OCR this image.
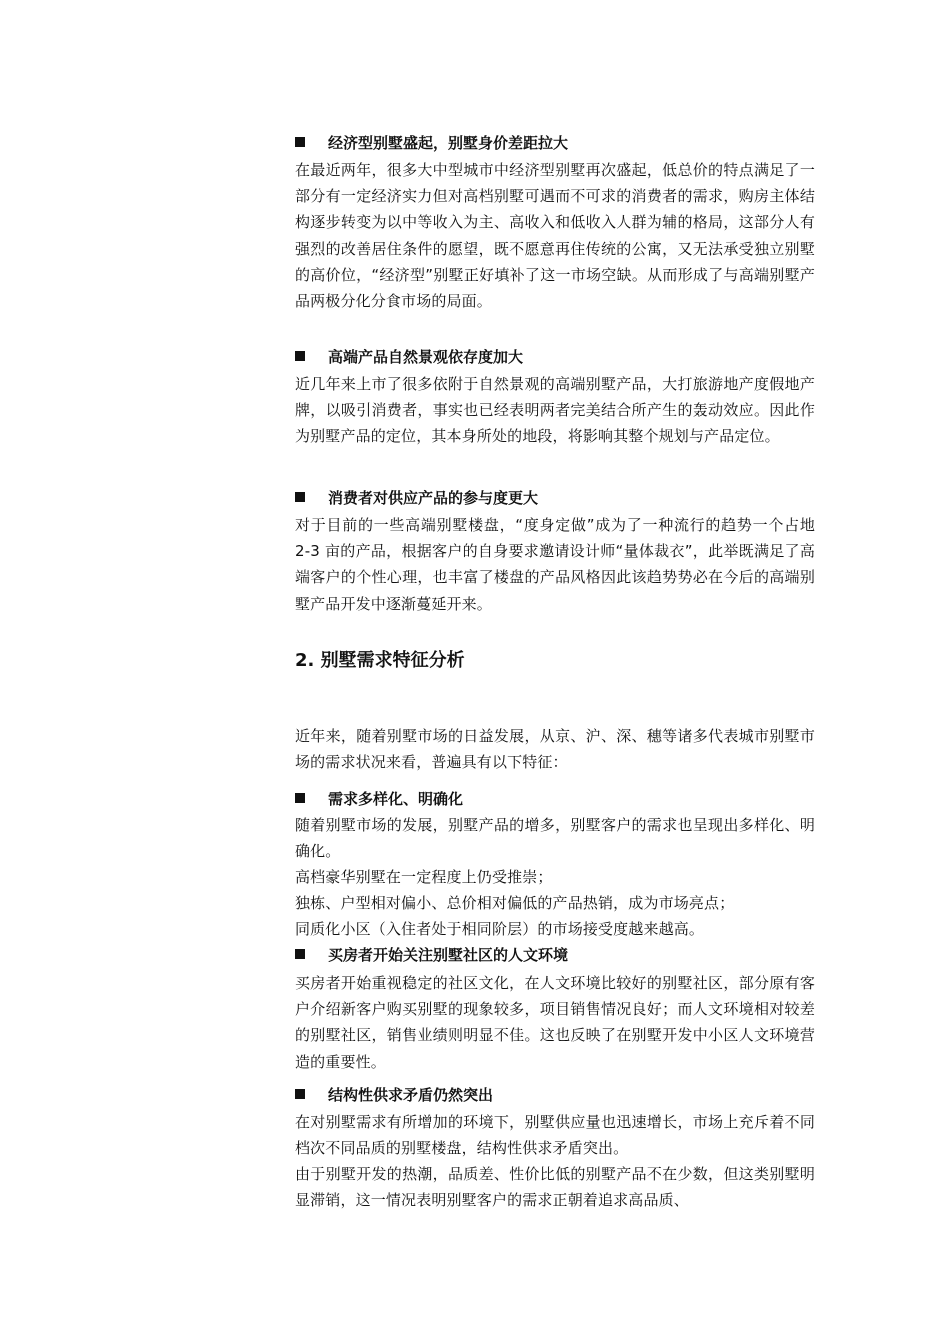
经济型别墅盛起，别墅身价差距拉大

在最近两年，很多大中型城市中经济型别墅再次盛起，低总价的特点满足了一部分有一定经济实力但对高档别墅可遇而不可求的消费者的需求，购房主体结构逐步转变为以中等收入为主、高收入和低收入人群为辅的格局，这部分人有强烈的改善居住条件的愿望，既不愿意再住传统的公寓，又无法承受独立别墅的高价位，“经济型”别墅正好填补了这一市场空缺。从而形成了与高端别墅产品两极分化分食市场的局面。

高端产品自然景观依存度加大

近几年来上市了很多依附于自然景观的高端别墅产品，大打旅游地产度假地产牌，以吸引消费者，事实也已经表明两者完美结合所产生的轰动效应。因此作为别墅产品的定位，其本身所处的地段，将影响其整个规划与产品定位。

消费者对供应产品的参与度更大

对于目前的一些高端别墅楼盘，“度身定做”成为了一种流行的趋势一个占地 2-3 亩的产品，根据客户的自身要求邀请设计师“量体裁衣”，此举既满足了高端客户的个性心理，也丰富了楼盘的产品风格因此该趋势势必在今后的高端别墅产品开发中逐渐蔓延开来。

2. 别墅需求特征分析

近年来，随着别墅市场的日益发展，从京、沪、深、穗等诸多代表城市别墅市场的需求状况来看，普遍具有以下特征：

需求多样化、明确化

随着别墅市场的发展，别墅产品的增多，别墅客户的需求也呈现出多样化、明确化。

高档豪华别墅在一定程度上仍受推崇；
独栋、户型相对偏小、总价相对偏低的产品热销，成为市场亮点；
同质化小区（入住者处于相同阶层）的市场接受度越来越高。
买房者开始关注别墅社区的人文环境

买房者开始重视稳定的社区文化，在人文环境比较好的别墅社区，部分原有客户介绍新客户购买别墅的现象较多，项目销售情况良好；而人文环境相对较差的别墅社区，销售业绩则明显不佳。这也反映了在别墅开发中小区人文环境营造的重要性。

结构性供求矛盾仍然突出

在对别墅需求有所增加的环境下，别墅供应量也迅速增长，市场上充斥着不同档次不同品质的别墅楼盘，结构性供求矛盾突出。

由于别墅开发的热潮，品质差、性价比低的别墅产品不在少数，但这类别墅明显滞销，这一情况表明别墅客户的需求正朝着追求高品质、
